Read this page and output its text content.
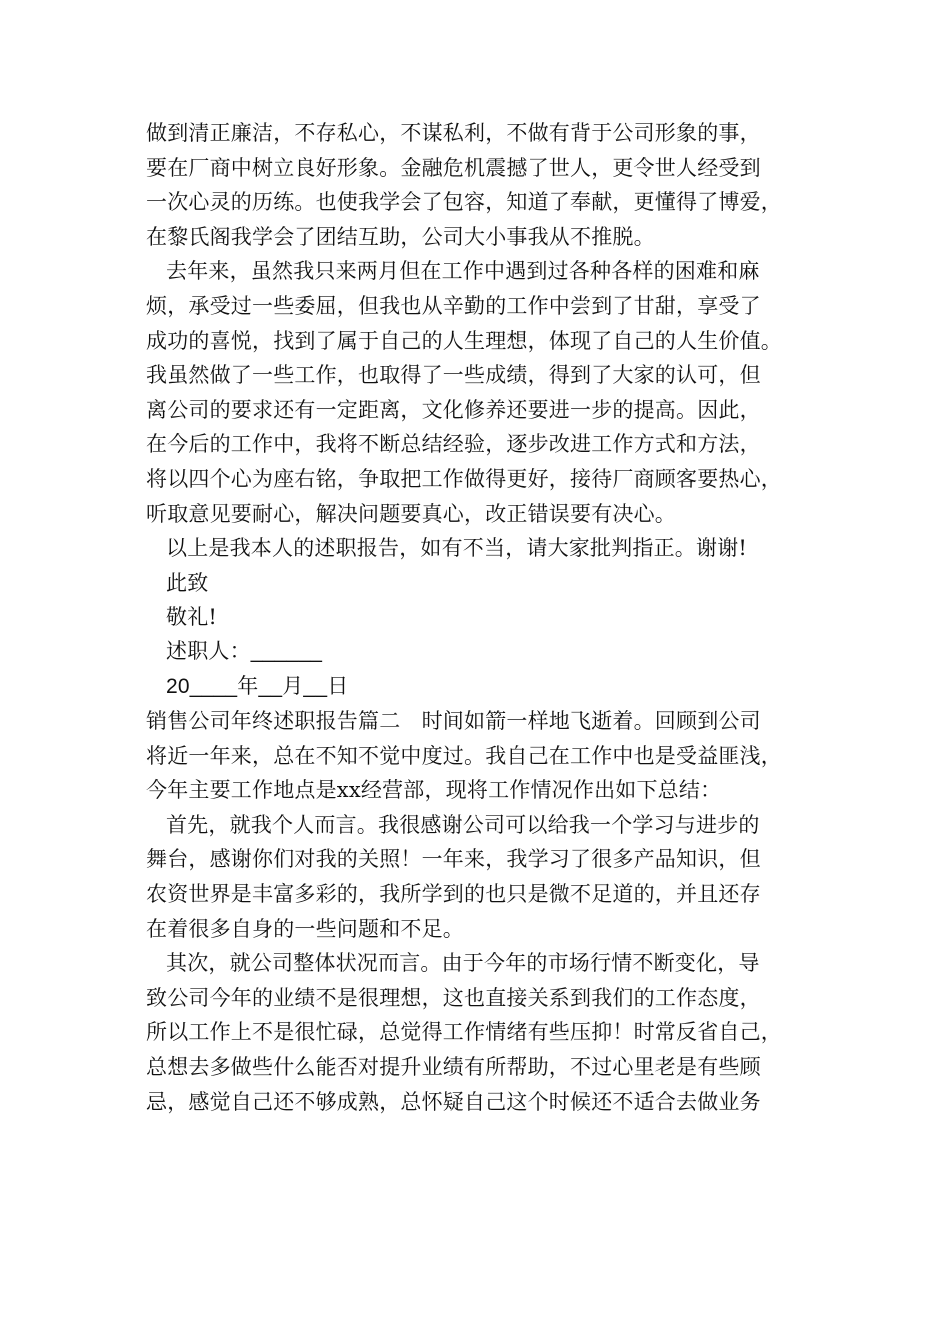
做到清正廉洁，不存私心，不谋私利，不做有背于公司形象的事，
要在厂商中树立良好形象。金融危机震撼了世人，更令世人经受到
一次心灵的历练。也使我学会了包容，知道了奉献，更懂得了博爱，
在黎氏阁我学会了团结互助，公司大小事我从不推脱。
去年来，虽然我只来两月但在工作中遇到过各种各样的困难和麻
烦，承受过一些委屈，但我也从辛勤的工作中尝到了甘甜，享受了
成功的喜悦，找到了属于自己的人生理想，体现了自己的人生价值。
我虽然做了一些工作，也取得了一些成绩，得到了大家的认可，但
离公司的要求还有一定距离，文化修养还要进一步的提高。因此，
在今后的工作中，我将不断总结经验，逐步改进工作方式和方法，
将以四个心为座右铭，争取把工作做得更好，接待厂商顾客要热心，
听取意见要耐心，解决问题要真心，改正错误要有决心。
以上是我本人的述职报告，如有不当，请大家批判指正。谢谢!
此致
敬礼!
述职人：______
20____年__月__日
销售公司年终述职报告篇二　时间如箭一样地飞逝着。回顾到公司
将近一年来，总在不知不觉中度过。我自己在工作中也是受益匪浅，
今年主要工作地点是xx经营部，现将工作情况作出如下总结：
首先，就我个人而言。我很感谢公司可以给我一个学习与进步的
舞台，感谢你们对我的关照！一年来，我学习了很多产品知识，但
农资世界是丰富多彩的，我所学到的也只是微不足道的，并且还存
在着很多自身的一些问题和不足。
其次，就公司整体状况而言。由于今年的市场行情不断变化，导
致公司今年的业绩不是很理想，这也直接关系到我们的工作态度，
所以工作上不是很忙碌，总觉得工作情绪有些压抑！时常反省自己，
总想去多做些什么能否对提升业绩有所帮助，不过心里老是有些顾
忌，感觉自己还不够成熟，总怀疑自己这个时候还不适合去做业务
